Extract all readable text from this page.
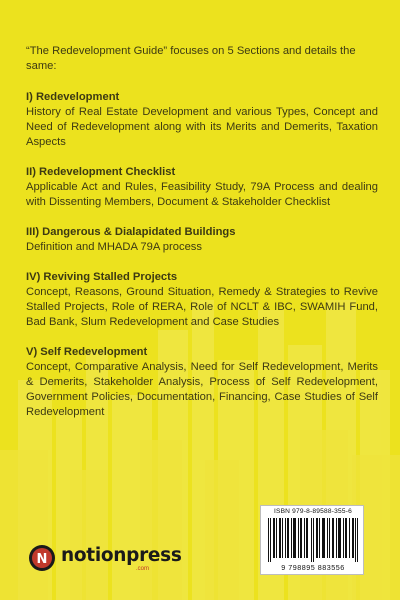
“The Redevelopment Guide” focuses on 5 Sections and details the same:

I) Redevelopment

History of Real Estate Development and various Types, Concept and Need of Redevelopment along with its Merits and Demerits, Taxation Aspects

II) Redevelopment Checklist

Applicable Act and Rules, Feasibility Study, 79A Process and dealing with Dissenting Members, Document & Stakeholder Checklist

III) Dangerous & Dialapidated Buildings

Definition and MHADA 79A process

IV) Reviving Stalled Projects

Concept, Reasons, Ground Situation, Remedy & Strategies to Revive Stalled Projects, Role of RERA, Role of NCLT & IBC, SWAMIH Fund, Bad Bank, Slum Redevelopment and Case Studies

V) Self Redevelopment

Concept, Comparative Analysis, Need for Self Redevelopment, Merits & Demerits, Stakeholder Analysis, Process of Self Redevelopment, Government Policies, Documentation, Financing, Case Studies of Self Redevelopment

N notionpress
.com
ISBN 979-8-89588-355-6
9 798895 883556
